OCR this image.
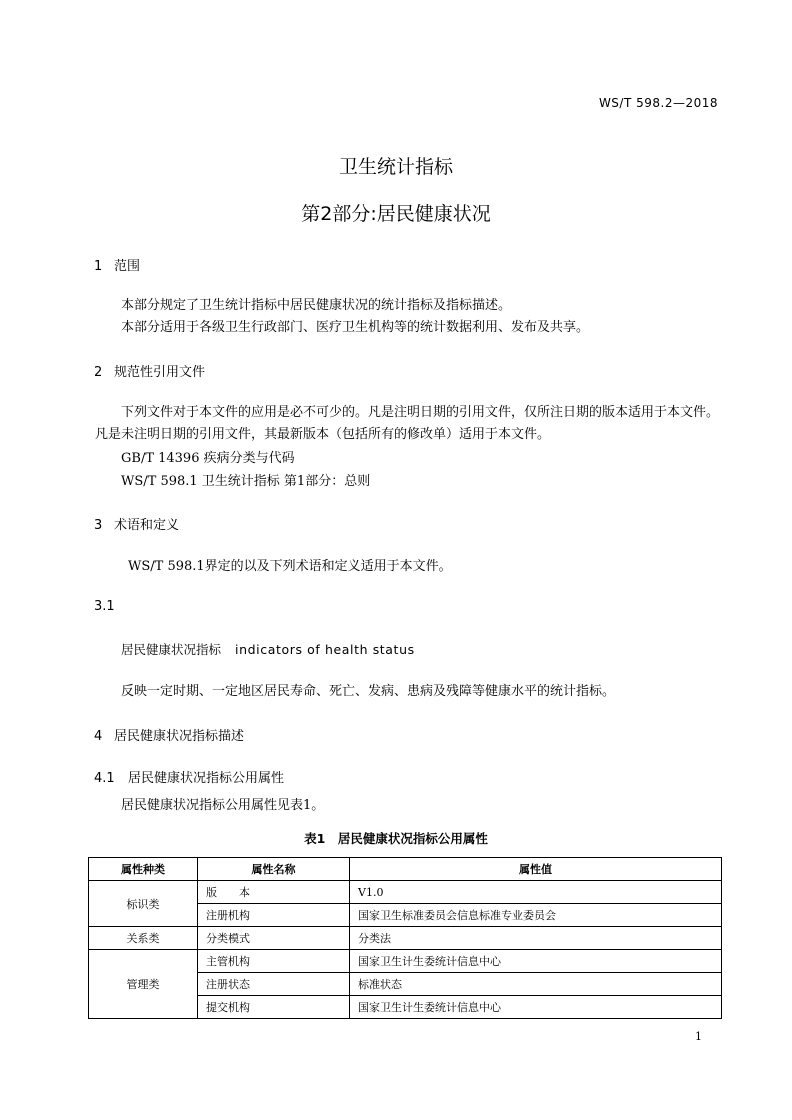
WS/T 598.2—2018
卫生统计指标
第2部分:居民健康状况
1 范围
本部分规定了卫生统计指标中居民健康状况的统计指标及指标描述。
本部分适用于各级卫生行政部门、医疗卫生机构等的统计数据利用、发布及共享。
2 规范性引用文件
下列文件对于本文件的应用是必不可少的。凡是注明日期的引用文件，仅所注日期的版本适用于本文件。凡是未注明日期的引用文件，其最新版本（包括所有的修改单）适用于本文件。
GB/T 14396 疾病分类与代码
WS/T 598.1 卫生统计指标 第1部分：总则
3 术语和定义
WS/T 598.1界定的以及下列术语和定义适用于本文件。
3.1
居民健康状况指标 indicators of health status
反映一定时期、一定地区居民寿命、死亡、发病、患病及残障等健康水平的统计指标。
4 居民健康状况指标描述
4.1 居民健康状况指标公用属性
居民健康状况指标公用属性见表1。
表1　居民健康状况指标公用属性
属性种类	属性名称	属性值
标识类	版　　本	V1.0
	注册机构	国家卫生标准委员会信息标准专业委员会
关系类	分类模式	分类法
管理类	主管机构	国家卫生计生委统计信息中心
	注册状态	标准状态
	提交机构	国家卫生计生委统计信息中心
1
